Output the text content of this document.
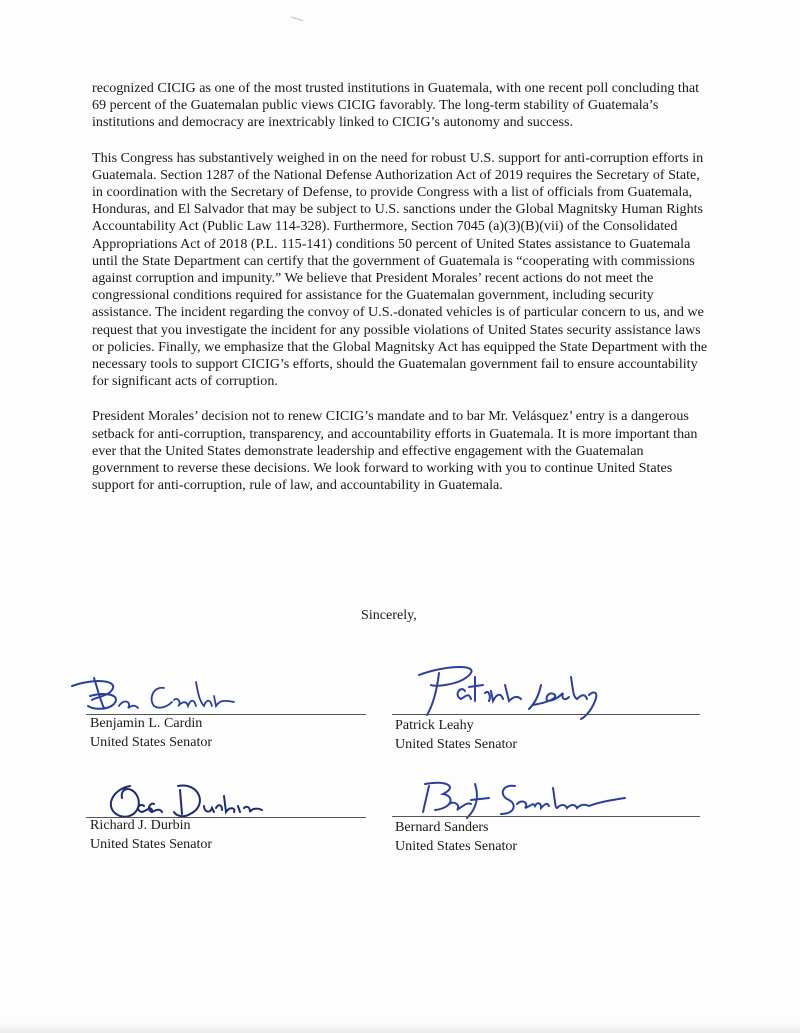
recognized CICIG as one of the most trusted institutions in Guatemala, with one recent poll concluding that 69 percent of the Guatemalan public views CICIG favorably. The long-term stability of Guatemala’s institutions and democracy are inextricably linked to CICIG’s autonomy and success.

This Congress has substantively weighed in on the need for robust U.S. support for anti-corruption efforts in Guatemala. Section 1287 of the National Defense Authorization Act of 2019 requires the Secretary of State, in coordination with the Secretary of Defense, to provide Congress with a list of officials from Guatemala, Honduras, and El Salvador that may be subject to U.S. sanctions under the Global Magnitsky Human Rights Accountability Act (Public Law 114-328). Furthermore, Section 7045 (a)(3)(B)(vii) of the Consolidated Appropriations Act of 2018 (P.L. 115-141) conditions 50 percent of United States assistance to Guatemala until the State Department can certify that the government of Guatemala is “cooperating with commissions against corruption and impunity.” We believe that President Morales’ recent actions do not meet the congressional conditions required for assistance for the Guatemalan government, including security assistance. The incident regarding the convoy of U.S.-donated vehicles is of particular concern to us, and we request that you investigate the incident for any possible violations of United States security assistance laws or policies. Finally, we emphasize that the Global Magnitsky Act has equipped the State Department with the necessary tools to support CICIG’s efforts, should the Guatemalan government fail to ensure accountability for significant acts of corruption.

President Morales’ decision not to renew CICIG’s mandate and to bar Mr. Velásquez’ entry is a dangerous setback for anti-corruption, transparency, and accountability efforts in Guatemala. It is more important than ever that the United States demonstrate leadership and effective engagement with the Guatemalan government to reverse these decisions. We look forward to working with you to continue United States support for anti-corruption, rule of law, and accountability in Guatemala.

Sincerely,
Benjamin L. Cardin
United States Senator
Patrick Leahy
United States Senator
Richard J. Durbin
United States Senator
Bernard Sanders
United States Senator
